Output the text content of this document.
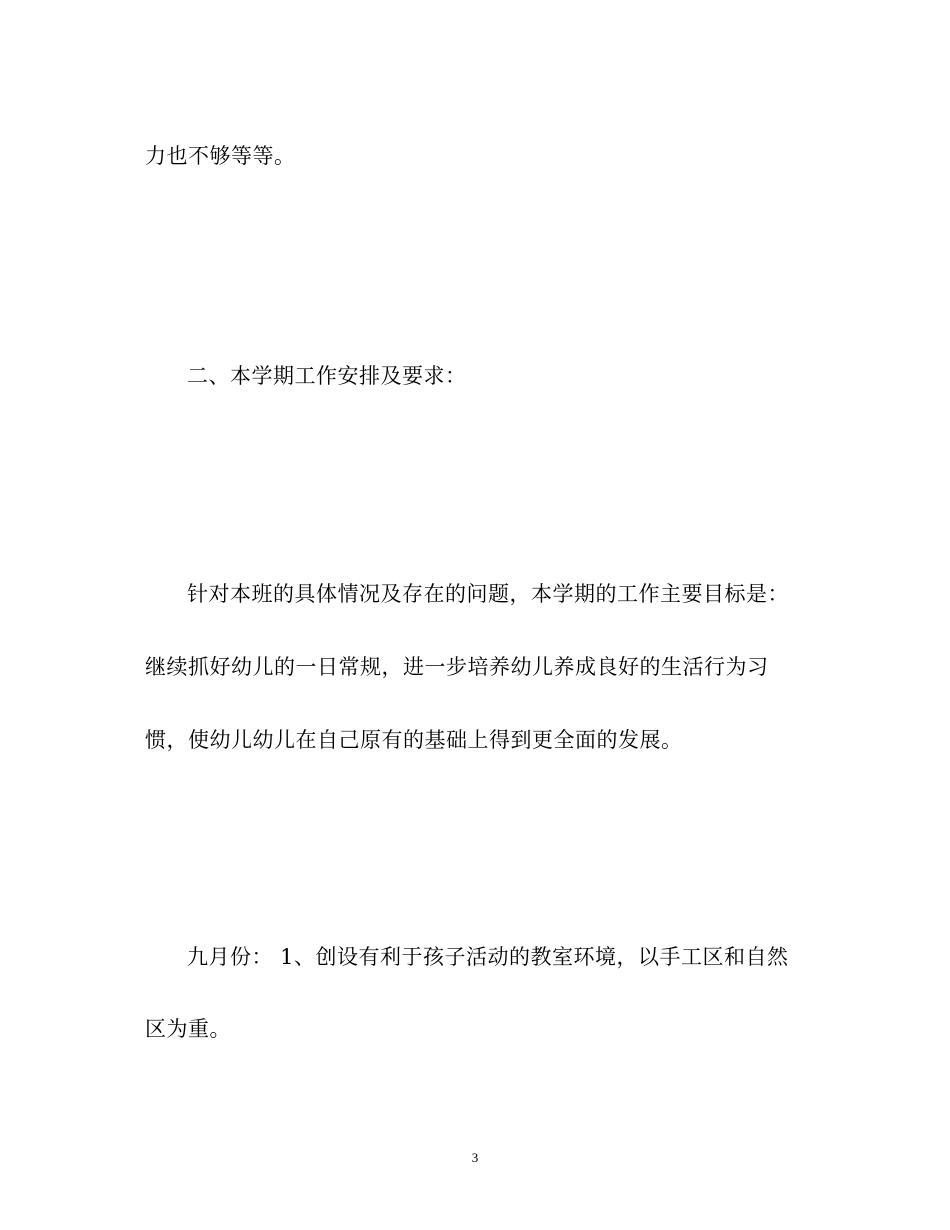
力也不够等等。
二、本学期工作安排及要求：
针对本班的具体情况及存在的问题，本学期的工作主要目标是：
继续抓好幼儿的一日常规，进一步培养幼儿养成良好的生活行为习
惯，使幼儿幼儿在自己原有的基础上得到更全面的发展。
九月份： 1、创设有利于孩子活动的教室环境，以手工区和自然
区为重。
3
